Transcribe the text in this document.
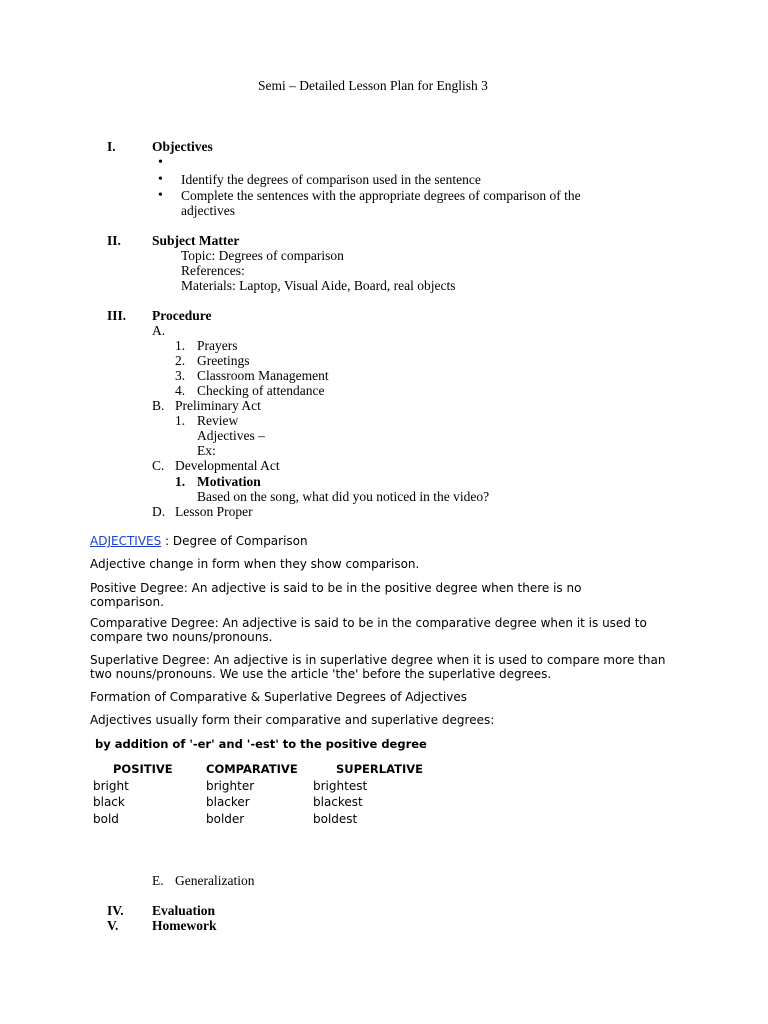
Semi – Detailed Lesson Plan for English 3
I.	Objectives
•
• Identify the degrees of comparison used in the sentence
• Complete the sentences with the appropriate degrees of comparison of the
adjectives
II. Subject Matter
Topic: Degrees of comparison
References:
Materials: Laptop, Visual Aide, Board, real objects
III. Procedure
A.
1. Prayers
2. Greetings
3. Classroom Management
4. Checking of attendance
B. Preliminary Act
1. Review
Adjectives –
Ex:
C. Developmental Act
1. Motivation
Based on the song, what did you noticed in the video?
D. Lesson Proper
ADJECTIVES : Degree of Comparison
Adjective change in form when they show comparison.
Positive Degree: An adjective is said to be in the positive degree when there is no comparison.
Comparative Degree: An adjective is said to be in the comparative degree when it is used to compare two nouns/pronouns.
Superlative Degree: An adjective is in superlative degree when it is used to compare more than two nouns/pronouns. We use the article 'the' before the superlative degrees.
Formation of Comparative & Superlative Degrees of Adjectives
Adjectives usually form their comparative and superlative degrees:
by addition of '-er' and '-est' to the positive degree
POSITIVE	COMPARATIVE	SUPERLATIVE
bright	brighter	brightest
black	blacker	blackest
bold	bolder	boldest
E. Generalization
IV. Evaluation
V. Homework
